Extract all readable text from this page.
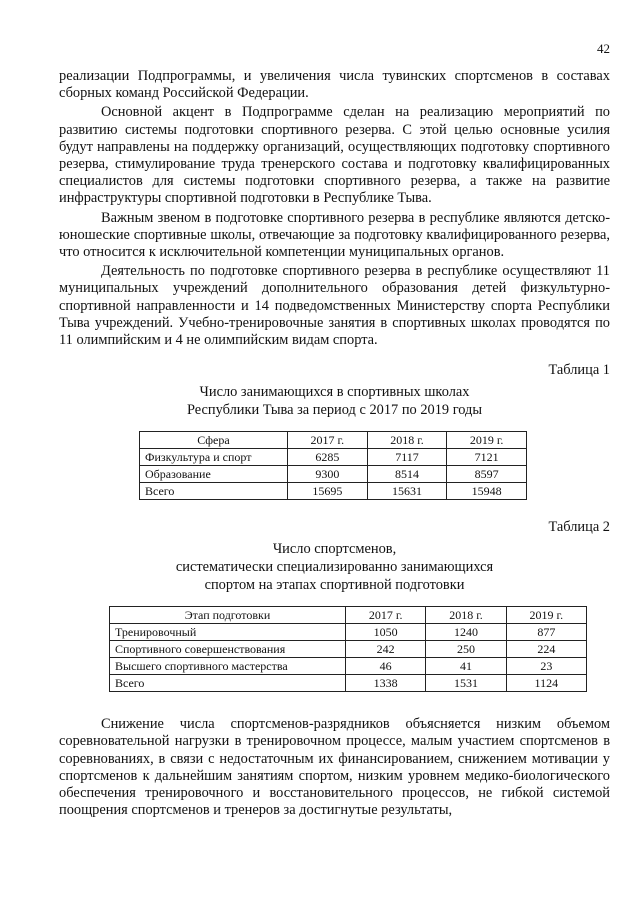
42

реализации Подпрограммы, и увеличения числа тувинских спортсменов в составах сборных команд Российской Федерации.

Основной акцент в Подпрограмме сделан на реализацию мероприятий по развитию системы подготовки спортивного резерва. С этой целью основные усилия будут направлены на поддержку организаций, осуществляющих подготовку спортивного резерва, стимулирование труда тренерского состава и подготовку квалифицированных специалистов для системы подготовки спортивного резерва, а также на развитие инфраструктуры спортивной подготовки в Республике Тыва.

Важным звеном в подготовке спортивного резерва в республике являются детско-юношеские спортивные школы, отвечающие за подготовку квалифицированного резерва, что относится к исключительной компетенции муниципальных органов.

Деятельность по подготовке спортивного резерва в республике осуществляют 11 муниципальных учреждений дополнительного образования детей физкультурно-спортивной направленности и 14 подведомственных Министерству спорта Республики Тыва учреждений. Учебно-тренировочные занятия в спортивных школах проводятся по 11 олимпийским и 4 не олимпийским видам спорта.

Таблица 1

Число занимающихся в спортивных школах

Республики Тыва за период с 2017 по 2019 годы

Сфера	2017 г.	2018 г.	2019 г.
Физкультура и спорт	6285	7117	7121
Образование	9300	8514	8597
Всего	15695	15631	15948

Таблица 2

Число спортсменов,

систематически специализированно занимающихся

спортом на этапах спортивной подготовки

Этап подготовки	2017 г.	2018 г.	2019 г.
Тренировочный	1050	1240	877
Спортивного совершенствования	242	250	224
Высшего спортивного мастерства	46	41	23
Всего	1338	1531	1124

Снижение числа спортсменов-разрядников объясняется низким объемом соревновательной нагрузки в тренировочном процессе, малым участием спортсменов в соревнованиях, в связи с недостаточным их финансированием, снижением мотивации у спортсменов к дальнейшим занятиям спортом, низким уровнем медико-биологического обеспечения тренировочного и восстановительного процессов, не гибкой системой поощрения спортсменов и тренеров за достигнутые результаты,
